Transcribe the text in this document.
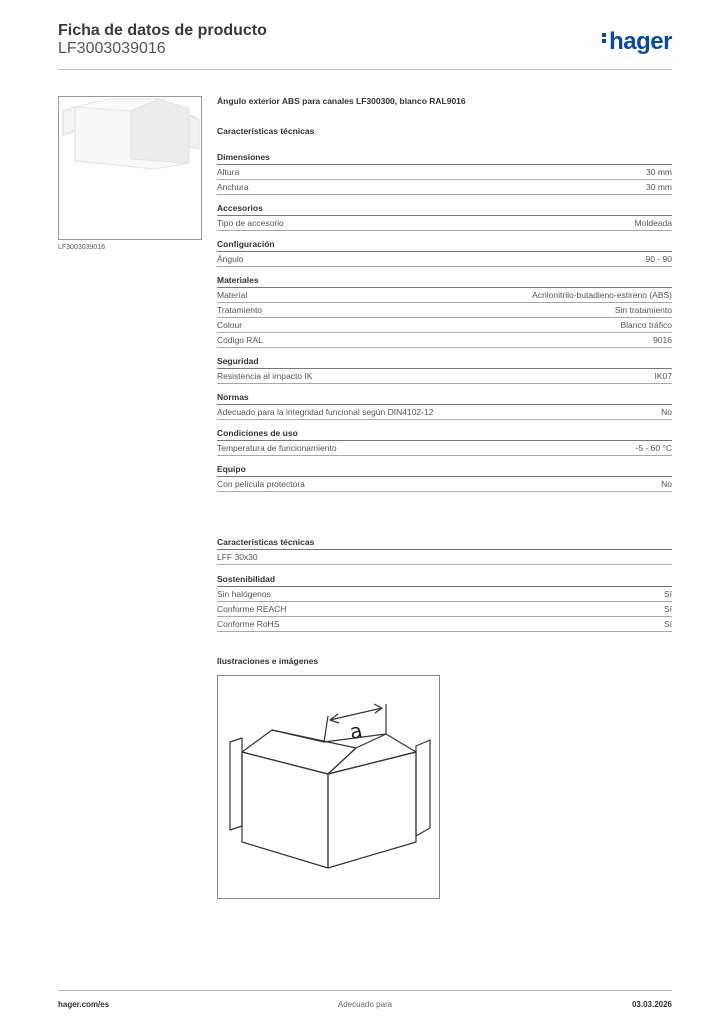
Ficha de datos de producto
LF3003039016	hager
LF3003039016
Ángulo exterior ABS para canales LF300300, blanco RAL9016
Características técnicas
Dimensiones
Altura	30 mm
Anchura	30 mm
Accesorios
Tipo de accesorio	Moldeada
Configuración
Ángulo	90 - 90
Materiales
Material	Acrilonitrilo-butadieno-estireno (ABS)
Tratamiento	Sin tratamiento
Colour	Blanco tráfico
Código RAL	9016
Seguridad
Resistencia al impacto IK	IK07
Normas
Adecuado para la integridad funcional según DIN4102-12	No
Condiciones de uso
Temperatura de funcionamiento	-5 - 60 °C
Equipo
Con película protectora	No
Características técnicas
LFF 30x30
Sostenibilidad
Sin halógenos	Sí
Conforme REACH	Sí
Conforme RoHS	Sí
Ilustraciones e imágenes
a
hager.com/es	Adecuado para	03.03.2026
